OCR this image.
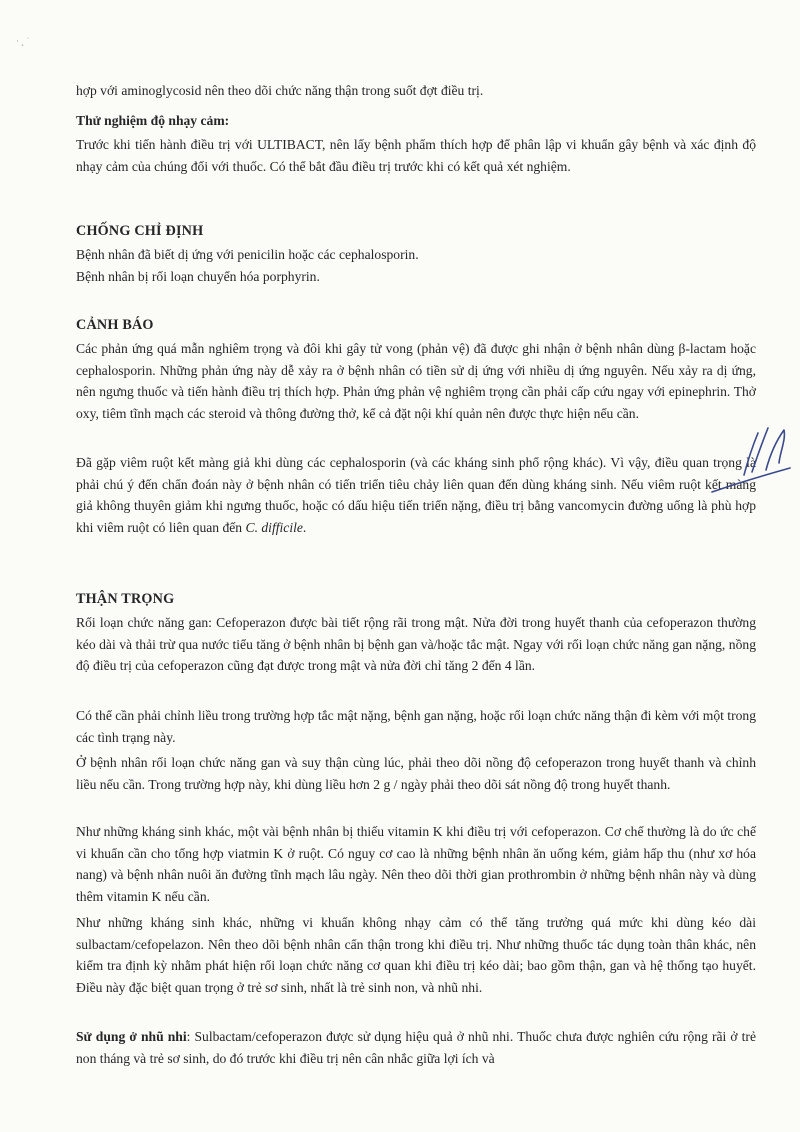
· ˛ ˙

hợp với aminoglycosid nên theo dõi chức năng thận trong suốt đợt điều trị.

Thử nghiệm độ nhạy cảm:

Trước khi tiến hành điều trị với ULTIBACT, nên lấy bệnh phẩm thích hợp để phân lập vi khuẩn gây bệnh và xác định độ nhạy cảm của chúng đối với thuốc. Có thể bắt đầu điều trị trước khi có kết quả xét nghiệm.

CHỐNG CHỈ ĐỊNH

Bệnh nhân đã biết dị ứng với penicilin hoặc các cephalosporin.

Bệnh nhân bị rối loạn chuyển hóa porphyrin.

CẢNH BÁO

Các phản ứng quá mẫn nghiêm trọng và đôi khi gây tử vong (phản vệ) đã được ghi nhận ở bệnh nhân dùng β-lactam hoặc cephalosporin. Những phản ứng này dễ xảy ra ở bệnh nhân có tiền sử dị ứng với nhiều dị ứng nguyên. Nếu xảy ra dị ứng, nên ngưng thuốc và tiến hành điều trị thích hợp. Phản ứng phản vệ nghiêm trọng cần phải cấp cứu ngay với epinephrin. Thở oxy, tiêm tĩnh mạch các steroid và thông đường thở, kể cả đặt nội khí quản nên được thực hiện nếu cần.

Đã gặp viêm ruột kết màng giả khi dùng các cephalosporin (và các kháng sinh phổ rộng khác). Vì vậy, điều quan trọng là phải chú ý đến chẩn đoán này ở bệnh nhân có tiến triển tiêu chảy liên quan đến dùng kháng sinh. Nếu viêm ruột kết màng giả không thuyên giảm khi ngưng thuốc, hoặc có dấu hiệu tiến triển nặng, điều trị bằng vancomycin đường uống là phù hợp khi viêm ruột có liên quan đến C. difficile.

THẬN TRỌNG

Rối loạn chức năng gan: Cefoperazon được bài tiết rộng rãi trong mật. Nửa đời trong huyết thanh của cefoperazon thường kéo dài và thải trừ qua nước tiểu tăng ở bệnh nhân bị bệnh gan và/hoặc tắc mật. Ngay với rối loạn chức năng gan nặng, nồng độ điều trị của cefoperazon cũng đạt được trong mật và nửa đời chỉ tăng 2 đến 4 lần.

Có thể cần phải chỉnh liều trong trường hợp tắc mật nặng, bệnh gan nặng, hoặc rối loạn chức năng thận đi kèm với một trong các tình trạng này.

Ở bệnh nhân rối loạn chức năng gan và suy thận cùng lúc, phải theo dõi nồng độ cefoperazon trong huyết thanh và chỉnh liều nếu cần. Trong trường hợp này, khi dùng liều hơn 2 g / ngày phải theo dõi sát nồng độ trong huyết thanh.

Như những kháng sinh khác, một vài bệnh nhân bị thiếu vitamin K khi điều trị với cefoperazon. Cơ chế thường là do ức chế vi khuẩn cần cho tổng hợp viatmin K ở ruột. Có nguy cơ cao là những bệnh nhân ăn uống kém, giảm hấp thu (như xơ hóa nang) và bệnh nhân nuôi ăn đường tĩnh mạch lâu ngày. Nên theo dõi thời gian prothrombin ở những bệnh nhân này và dùng thêm vitamin K nếu cần.

Như những kháng sinh khác, những vi khuẩn không nhạy cảm có thể tăng trưởng quá mức khi dùng kéo dài sulbactam/cefopelazon. Nên theo dõi bệnh nhân cẩn thận trong khi điều trị. Như những thuốc tác dụng toàn thân khác, nên kiểm tra định kỳ nhằm phát hiện rối loạn chức năng cơ quan khi điều trị kéo dài; bao gồm thận, gan và hệ thống tạo huyết. Điều này đặc biệt quan trọng ở trẻ sơ sinh, nhất là trẻ sinh non, và nhũ nhi.

Sử dụng ở nhũ nhi: Sulbactam/cefoperazon được sử dụng hiệu quả ở nhũ nhi. Thuốc chưa được nghiên cứu rộng rãi ở trẻ non tháng và trẻ sơ sinh, do đó trước khi điều trị nên cân nhắc giữa lợi ích và
